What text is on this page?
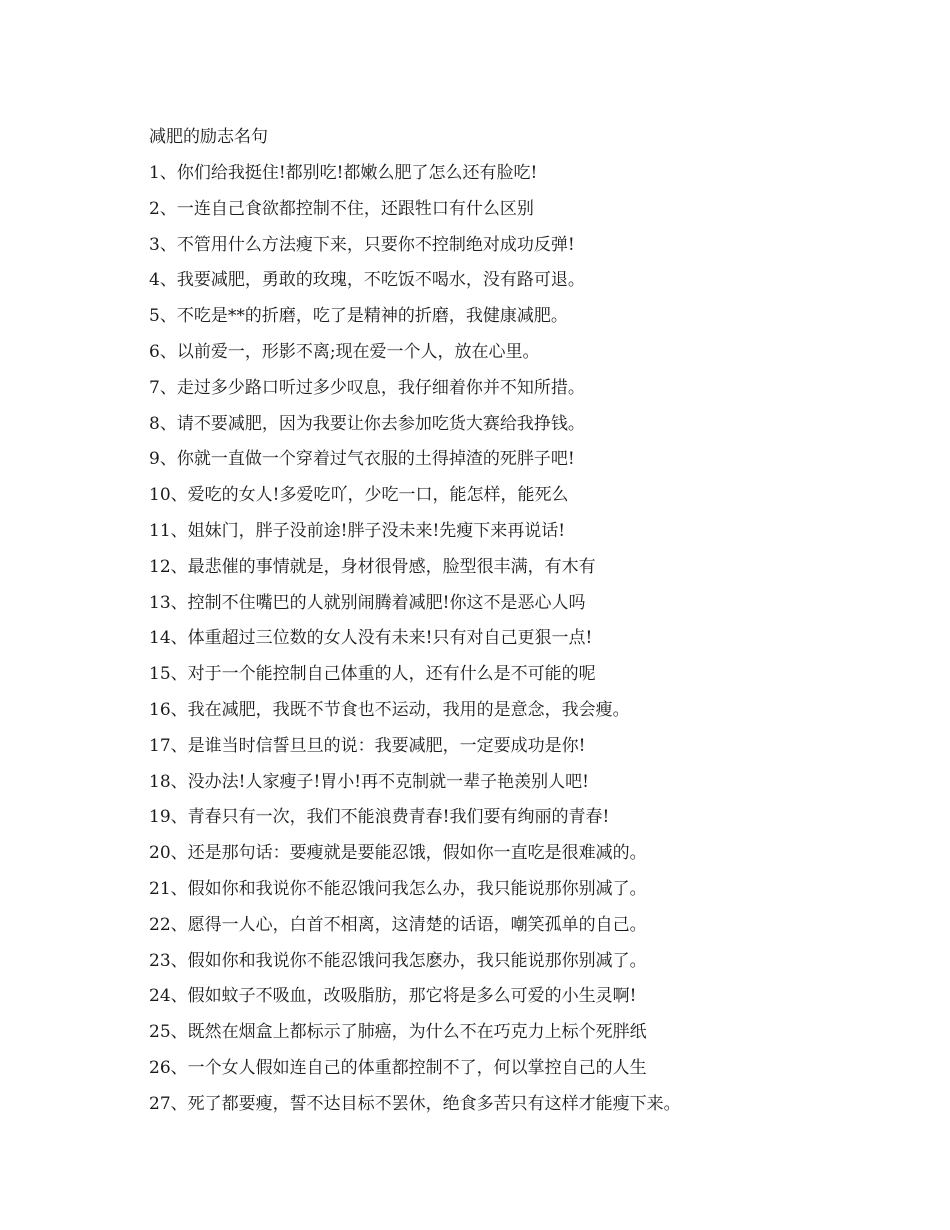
减肥的励志名句
1、你们给我挺住!都别吃!都嫩么肥了怎么还有脸吃!
2、一连自己食欲都控制不住，还跟牲口有什么区别
3、不管用什么方法瘦下来，只要你不控制绝对成功反弹!
4、我要减肥，勇敢的玫瑰，不吃饭不喝水，没有路可退。
5、不吃是**的折磨，吃了是精神的折磨，我健康减肥。
6、以前爱一，形影不离;现在爱一个人，放在心里。
7、走过多少路口听过多少叹息，我仔细着你并不知所措。
8、请不要减肥，因为我要让你去参加吃货大赛给我挣钱。
9、你就一直做一个穿着过气衣服的土得掉渣的死胖子吧!
10、爱吃的女人!多爱吃吖，少吃一口，能怎样，能死么
11、姐妹门，胖子没前途!胖子没未来!先瘦下来再说话!
12、最悲催的事情就是，身材很骨感，脸型很丰满，有木有
13、控制不住嘴巴的人就别闹腾着减肥!你这不是恶心人吗
14、体重超过三位数的女人没有未来!只有对自己更狠一点!
15、对于一个能控制自己体重的人，还有什么是不可能的呢
16、我在减肥，我既不节食也不运动，我用的是意念，我会瘦。
17、是谁当时信誓旦旦的说：我要减肥，一定要成功是你!
18、没办法!人家瘦子!胃小!再不克制就一辈子艳羡别人吧!
19、青春只有一次，我们不能浪费青春!我们要有绚丽的青春!
20、还是那句话：要瘦就是要能忍饿，假如你一直吃是很难减的。
21、假如你和我说你不能忍饿问我怎么办，我只能说那你别减了。
22、愿得一人心，白首不相离，这清楚的话语，嘲笑孤单的自己。
23、假如你和我说你不能忍饿问我怎麽办，我只能说那你别减了。
24、假如蚊子不吸血，改吸脂肪，那它将是多么可爱的小生灵啊!
25、既然在烟盒上都标示了肺癌，为什么不在巧克力上标个死胖纸
26、一个女人假如连自己的体重都控制不了，何以掌控自己的人生
27、死了都要瘦，誓不达目标不罢休，绝食多苦只有这样才能瘦下来。
